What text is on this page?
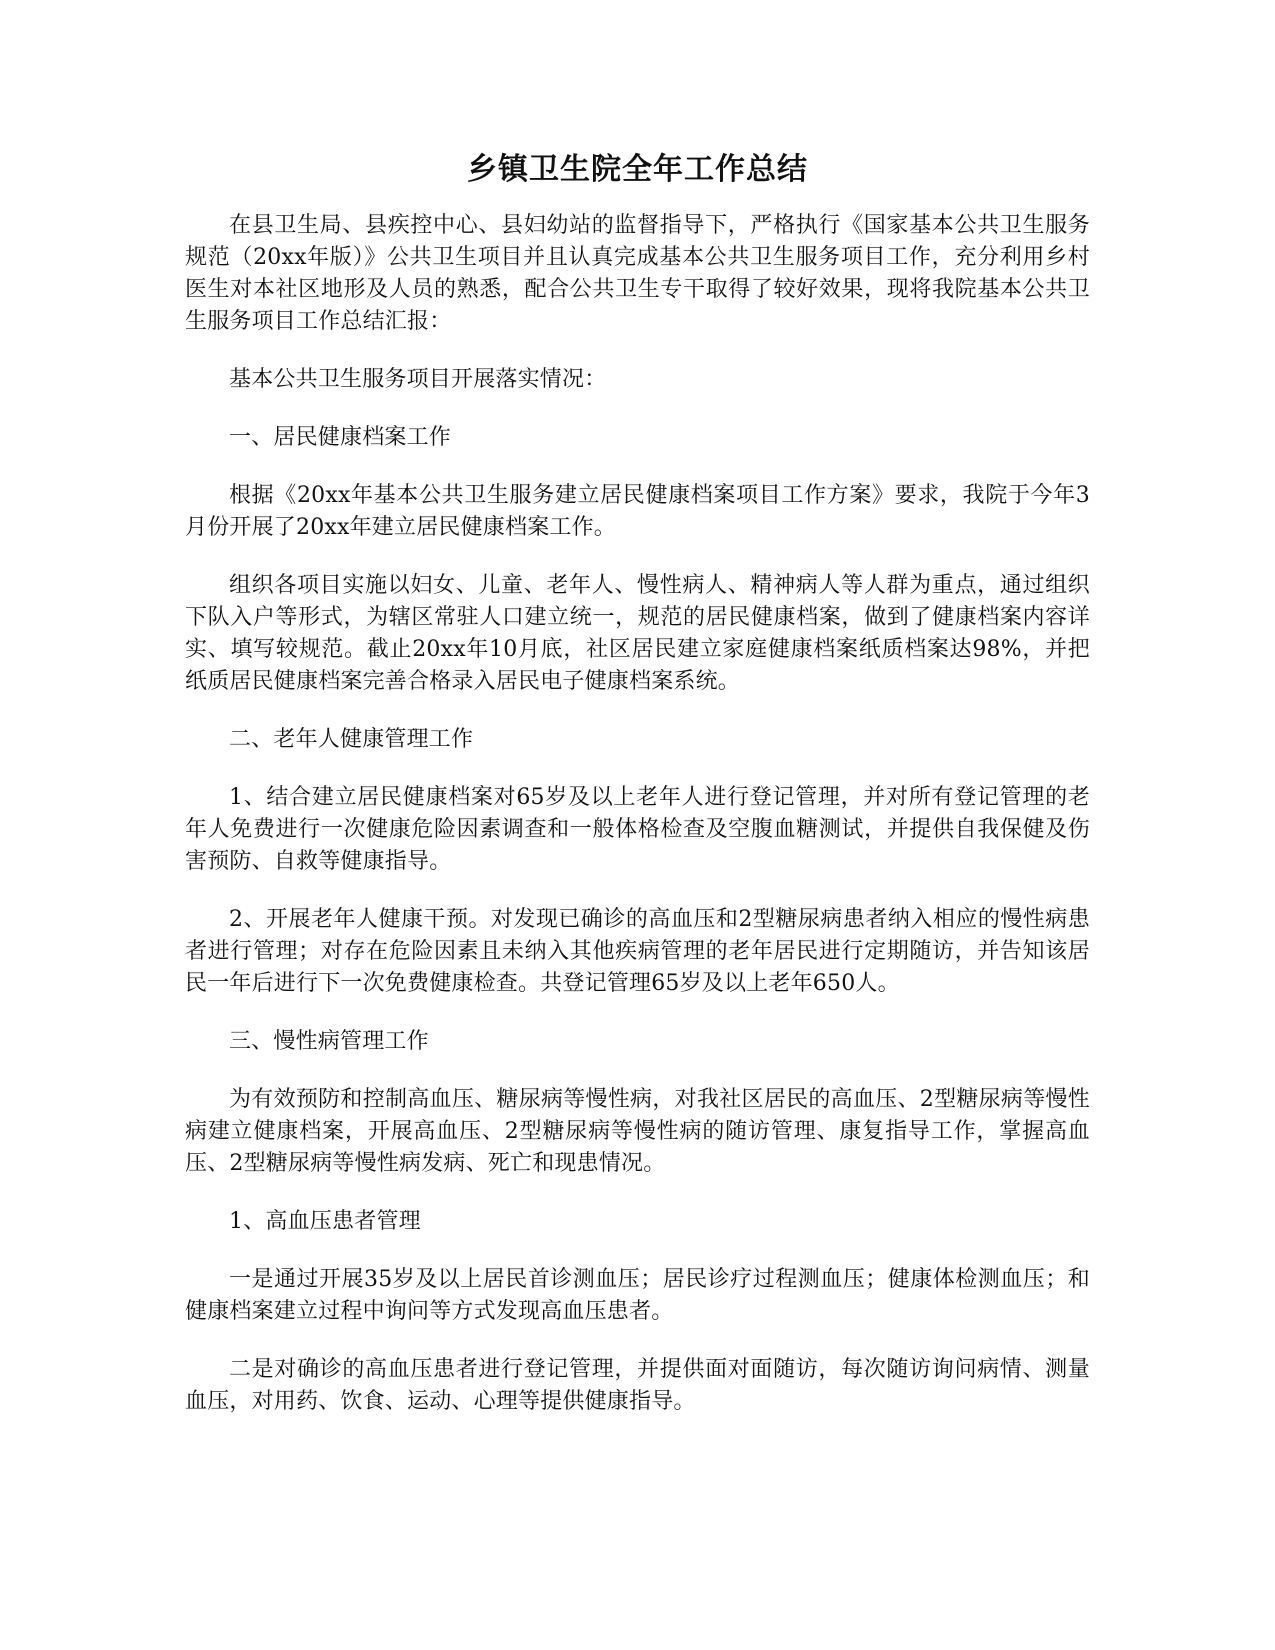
乡镇卫生院全年工作总结

在县卫生局、县疾控中心、县妇幼站的监督指导下，严格执行《国家基本公共卫生服务规范（20xx年版）》公共卫生项目并且认真完成基本公共卫生服务项目工作，充分利用乡村医生对本社区地形及人员的熟悉，配合公共卫生专干取得了较好效果，现将我院基本公共卫生服务项目工作总结汇报：

基本公共卫生服务项目开展落实情况：

一、居民健康档案工作

根据《20xx年基本公共卫生服务建立居民健康档案项目工作方案》要求，我院于今年3月份开展了20xx年建立居民健康档案工作。

组织各项目实施以妇女、儿童、老年人、慢性病人、精神病人等人群为重点，通过组织下队入户等形式，为辖区常驻人口建立统一，规范的居民健康档案，做到了健康档案内容详实、填写较规范。截止20xx年10月底，社区居民建立家庭健康档案纸质档案达98%，并把纸质居民健康档案完善合格录入居民电子健康档案系统。

二、老年人健康管理工作

1、结合建立居民健康档案对65岁及以上老年人进行登记管理，并对所有登记管理的老年人免费进行一次健康危险因素调查和一般体格检查及空腹血糖测试，并提供自我保健及伤害预防、自救等健康指导。

2、开展老年人健康干预。对发现已确诊的高血压和2型糖尿病患者纳入相应的慢性病患者进行管理；对存在危险因素且未纳入其他疾病管理的老年居民进行定期随访，并告知该居民一年后进行下一次免费健康检查。共登记管理65岁及以上老年650人。

三、慢性病管理工作

为有效预防和控制高血压、糖尿病等慢性病，对我社区居民的高血压、2型糖尿病等慢性病建立健康档案，开展高血压、2型糖尿病等慢性病的随访管理、康复指导工作，掌握高血压、2型糖尿病等慢性病发病、死亡和现患情况。

1、高血压患者管理

一是通过开展35岁及以上居民首诊测血压；居民诊疗过程测血压；健康体检测血压；和健康档案建立过程中询问等方式发现高血压患者。

二是对确诊的高血压患者进行登记管理，并提供面对面随访，每次随访询问病情、测量血压，对用药、饮食、运动、心理等提供健康指导。
